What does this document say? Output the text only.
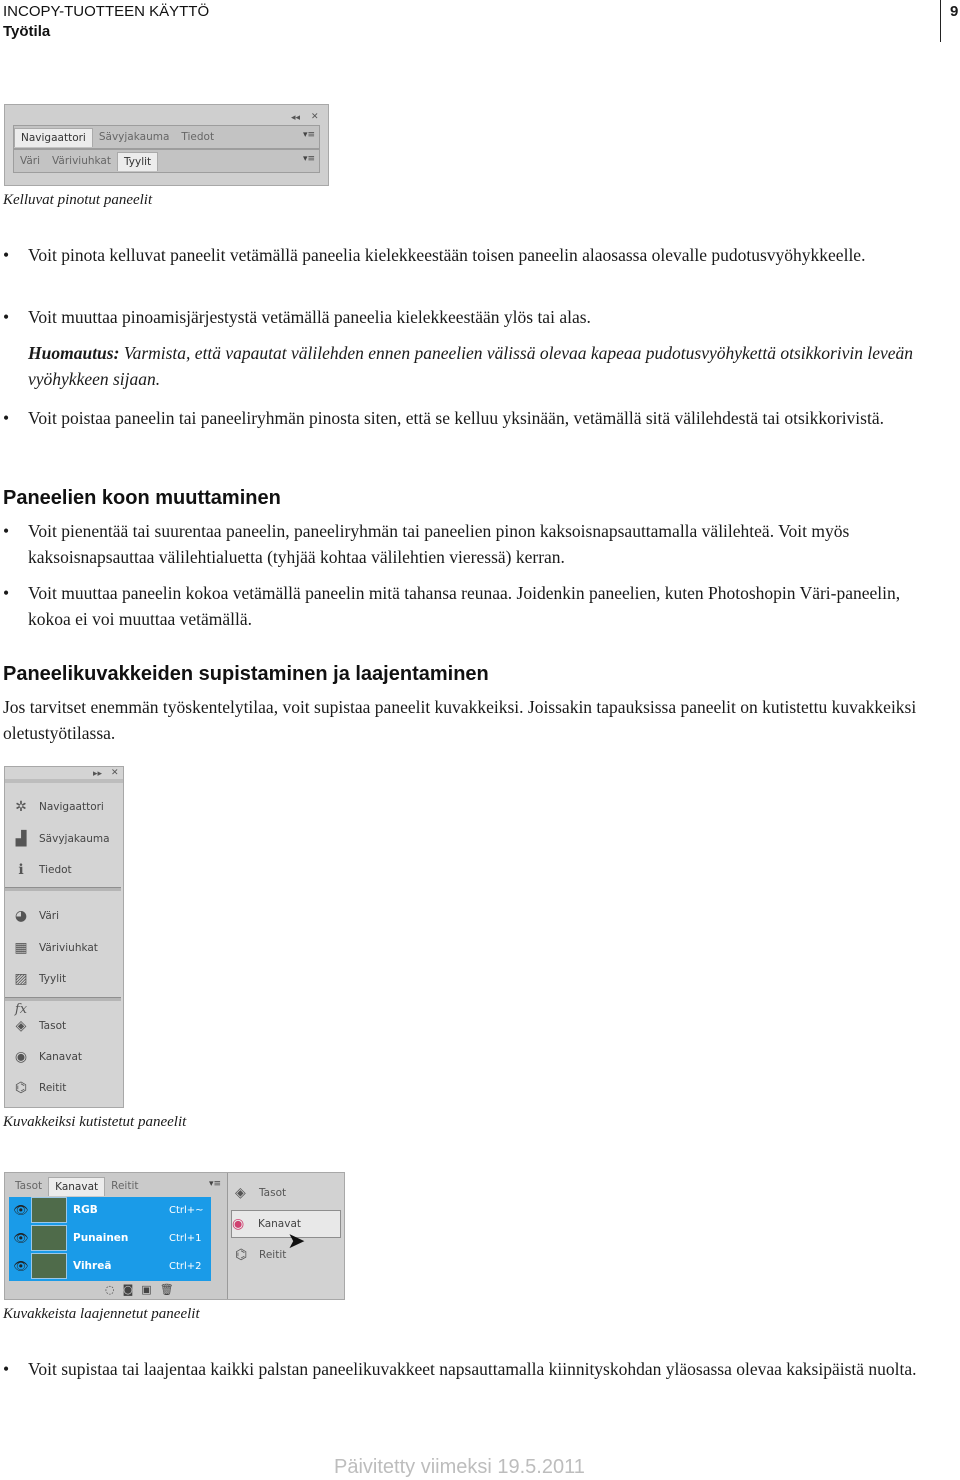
INCOPY-TUOTTEEN KÄYTTÖ
Työtila
9
◂◂ ✕
Navigaattori	Sävyjakauma	Tiedot	▾≡
Väri	Väriviuhkat	Tyylit	▾≡
Kelluvat pinotut paneelit
• Voit pinota kelluvat paneelit vetämällä paneelia kielekkeestään toisen paneelin alaosassa olevalle pudotusvyöhykkeelle.
• Voit muuttaa pinoamisjärjestystä vetämällä paneelia kielekkeestään ylös tai alas.
Huomautus: Varmista, että vapautat välilehden ennen paneelien välissä olevaa kapeaa pudotusvyöhykettä otsikkorivin leveän vyöhykkeen sijaan.
• Voit poistaa paneelin tai paneeliryhmän pinosta siten, että se kelluu yksinään, vetämällä sitä välilehdestä tai otsikkorivistä.
Paneelien koon muuttaminen
• Voit pienentää tai suurentaa paneelin, paneeliryhmän tai paneelien pinon kaksoisnapsauttamalla välilehteä. Voit myös kaksoisnapsauttaa välilehtialuetta (tyhjää kohtaa välilehtien vieressä) kerran.
• Voit muuttaa paneelin kokoa vetämällä paneelin mitä tahansa reunaa. Joidenkin paneelien, kuten Photoshopin Väri-paneelin, kokoa ei voi muuttaa vetämällä.
Paneelikuvakkeiden supistaminen ja laajentaminen
Jos tarvitset enemmän työskentelytilaa, voit supistaa paneelit kuvakkeiksi. Joissakin tapauksissa paneelit on kutistettu kuvakkeiksi oletustyötilassa.
▸▸ ✕
✲	Navigaattori
▟	Sävyjakauma
ℹ	Tiedot
◕	Väri
▦	Väriviuhkat
▨	Tyylit
fx
◈	Tasot
◉	Kanavat
⌬	Reitit
Kuvakkeiksi kutistetut paneelit
Tasot	Kanavat	Reitit	▾≡
👁	RGB	Ctrl+~
👁	Punainen	Ctrl+1
👁	Vihreä	Ctrl+2
◌◙▣🗑
◈	Tasot
◉	Kanavat
⌬	Reitit
➤
Kuvakkeista laajennetut paneelit
• Voit supistaa tai laajentaa kaikki palstan paneelikuvakkeet napsauttamalla kiinnityskohdan yläosassa olevaa kaksipäistä nuolta.
Päivitetty viimeksi 19.5.2011
